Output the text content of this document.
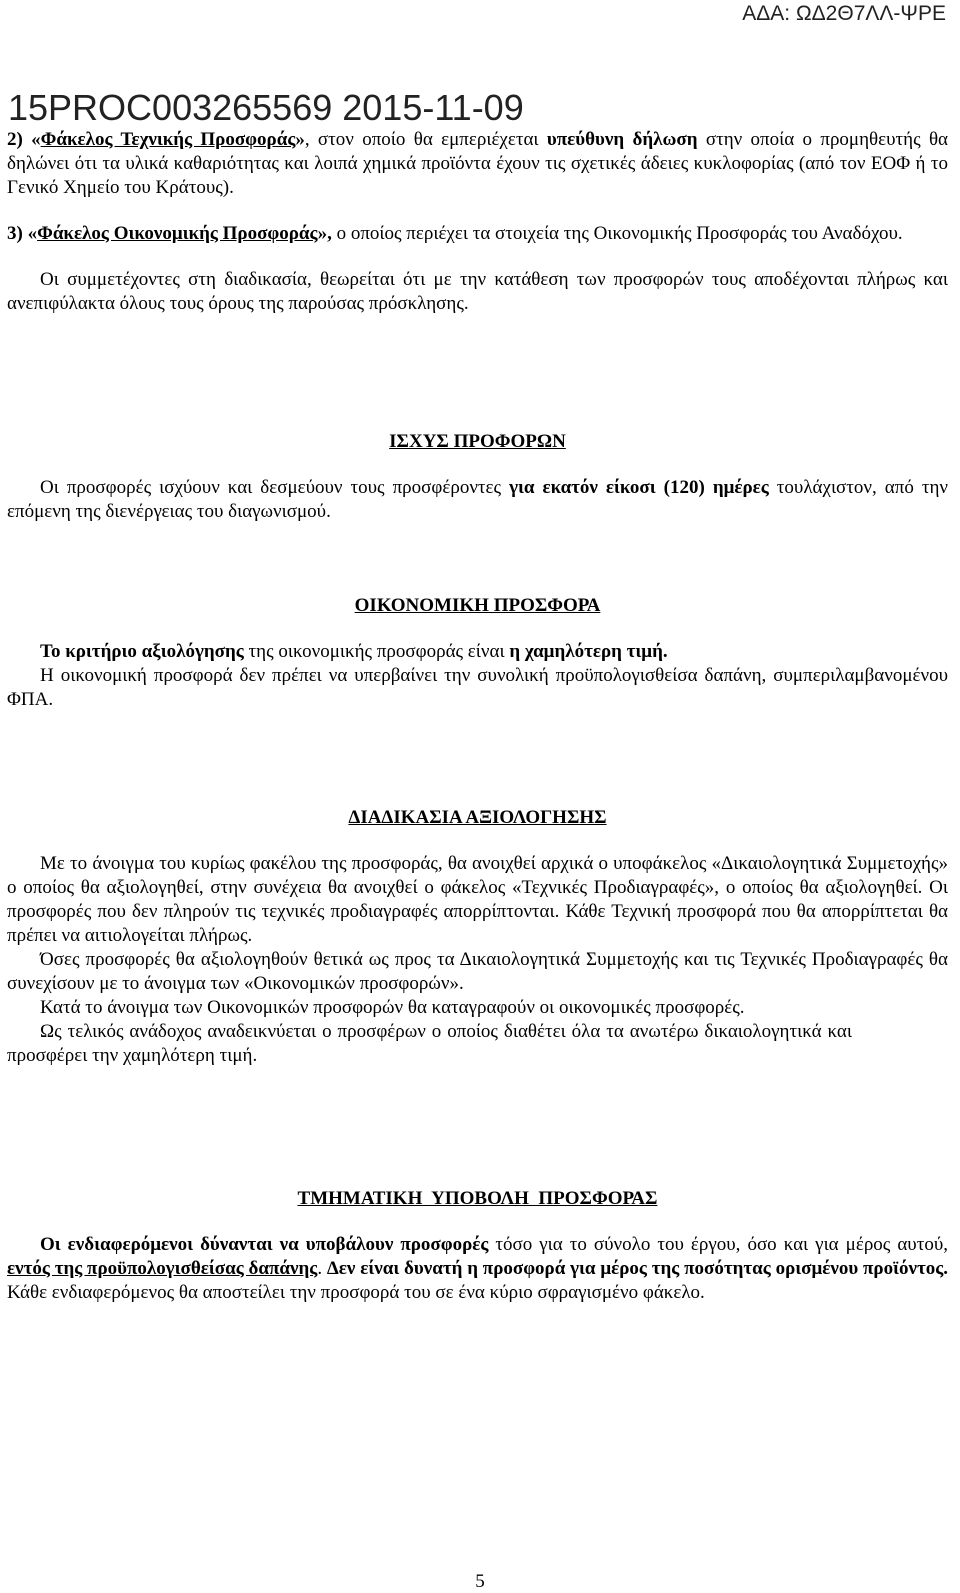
ΑΔΑ: ΩΔ2Θ7ΛΛ-ΨΡΕ
15PROC003265569 2015-11-09

2) «Φάκελος Τεχνικής Προσφοράς», στον οποίο θα εμπεριέχεται υπεύθυνη δήλωση στην οποία ο προμηθευτής θα δηλώνει ότι τα υλικά καθαριότητας και λοιπά χημικά προϊόντα έχουν τις σχετικές άδειες κυκλοφορίας (από τον ΕΟΦ ή το Γενικό Χημείο του Κράτους).

3) «Φάκελος Οικονομικής Προσφοράς», ο οποίος περιέχει τα στοιχεία της Οικονομικής Προσφοράς του Αναδόχου.

Οι συμμετέχοντες στη διαδικασία, θεωρείται ότι με την κατάθεση των προσφορών τους αποδέχονται πλήρως και ανεπιφύλακτα όλους τους όρους της παρούσας πρόσκλησης.

ΙΣΧΥΣ ΠΡΟΦΟΡΩΝ

Οι προσφορές ισχύουν και δεσμεύουν τους προσφέροντες για εκατόν είκοσι (120) ημέρες τουλάχιστον, από την επόμενη της διενέργειας του διαγωνισμού.

ΟΙΚΟΝΟΜΙΚΗ ΠΡΟΣΦΟΡΑ

Το κριτήριο αξιολόγησης της οικονομικής προσφοράς είναι η χαμηλότερη τιμή.

Η οικονομική προσφορά δεν πρέπει να υπερβαίνει την συνολική προϋπολογισθείσα δαπάνη, συμπεριλαμβανομένου ΦΠΑ.

ΔΙΑΔΙΚΑΣΙΑ ΑΞΙΟΛΟΓΗΣΗΣ

Με το άνοιγμα του κυρίως φακέλου της προσφοράς, θα ανοιχθεί αρχικά ο υποφάκελος «Δικαιολογητικά Συμμετοχής» ο οποίος θα αξιολογηθεί, στην συνέχεια θα ανοιχθεί ο φάκελος «Τεχνικές Προδιαγραφές», ο οποίος θα αξιολογηθεί. Οι προσφορές που δεν πληρούν τις τεχνικές προδιαγραφές απορρίπτονται. Κάθε Τεχνική προσφορά που θα απορρίπτεται θα πρέπει να αιτιολογείται πλήρως.

Όσες προσφορές θα αξιολογηθούν θετικά ως προς τα Δικαιολογητικά Συμμετοχής και τις Τεχνικές Προδιαγραφές θα συνεχίσουν με το άνοιγμα των «Οικονομικών προσφορών».

Κατά το άνοιγμα των Οικονομικών προσφορών θα καταγραφούν οι οικονομικές προσφορές.

Ως τελικός ανάδοχος αναδεικνύεται ο προσφέρων ο οποίος διαθέτει όλα τα ανωτέρω δικαιολογητικά και προσφέρει την χαμηλότερη τιμή.

ΤΜΗΜΑΤΙΚΗ  ΥΠΟΒΟΛΗ  ΠΡΟΣΦΟΡΑΣ

Οι ενδιαφερόμενοι δύνανται να υποβάλουν προσφορές τόσο για το σύνολο του έργου, όσο και για μέρος αυτού, εντός της προϋπολογισθείσας δαπάνης. Δεν είναι δυνατή η προσφορά για μέρος της ποσότητας ορισμένου προϊόντος. Κάθε ενδιαφερόμενος θα αποστείλει την προσφορά του σε ένα κύριο σφραγισμένο φάκελο.

5
